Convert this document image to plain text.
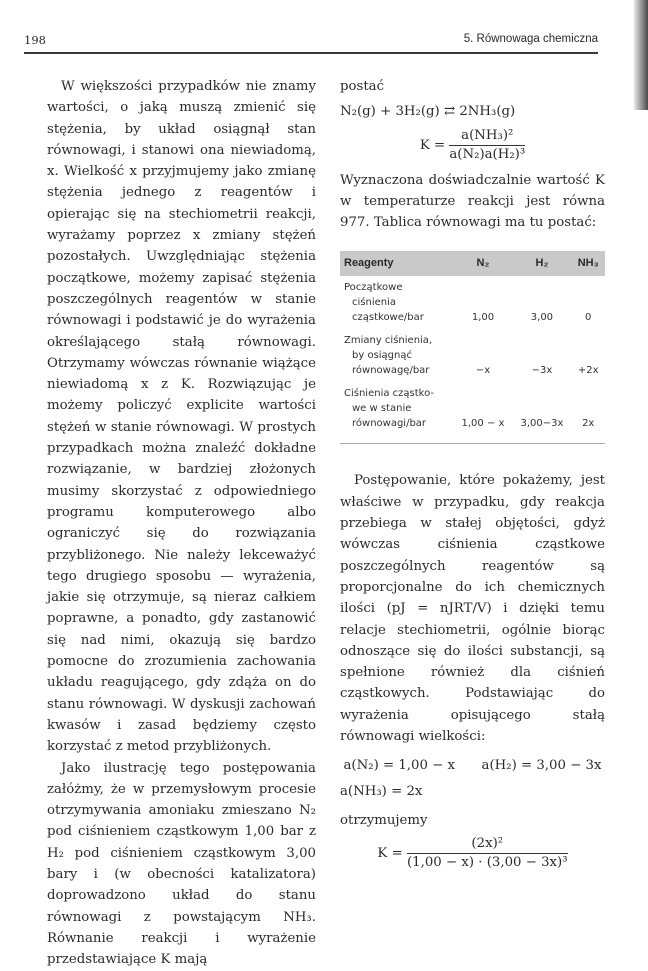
198	5. Równowaga chemiczna

W większości przypadków nie znamy wartości, o jaką muszą zmienić się stężenia, by układ osiągnął stan równowagi, i stanowi ona niewiadomą, x. Wielkość x przyjmujemy jako zmianę stężenia jednego z reagentów i opierając się na stechiometrii reakcji, wyrażamy poprzez x zmiany stężeń pozostałych. Uwzględniając stężenia początkowe, możemy zapisać stężenia poszczególnych reagentów w stanie równowagi i podstawić je do wyrażenia określającego stałą równowagi. Otrzymamy wówczas równanie wiążące niewiadomą x z K. Rozwiązując je możemy policzyć explicite wartości stężeń w stanie równowagi. W prostych przypadkach można znaleźć dokładne rozwiązanie, w bardziej złożonych musimy skorzystać z odpowiedniego programu komputerowego albo ograniczyć się do rozwiązania przybliżonego. Nie należy lekceważyć tego drugiego sposobu — wyrażenia, jakie się otrzymuje, są nieraz całkiem poprawne, a ponadto, gdy zastanowić się nad nimi, okazują się bardzo pomocne do zrozumienia zachowania układu reagującego, gdy zdąża on do stanu równowagi. W dyskusji zachowań kwasów i zasad będziemy często korzystać z metod przybliżonych.

Jako ilustrację tego postępowania załóżmy, że w przemysłowym procesie otrzymywania amoniaku zmieszano N₂ pod ciśnieniem cząstkowym 1,00 bar z H₂ pod ciśnieniem cząstkowym 3,00 bary i (w obecności katalizatora) doprowadzono układ do stanu równowagi z powstającym NH₃. Równanie reakcji i wyrażenie przedstawiające K mają

postać

N₂(g) + 3H₂(g) ⇄ 2NH₃(g)

$K = \frac{\text{a(NH₃)²}}{\text{a(N₂)a(H₂)³}}$

Wyznaczona doświadczalnie wartość K w temperaturze reakcji jest równa 977. Tablica równowagi ma tu postać:

Reagenty	N₂	H₂	NH₃

Początkowe
ciśnienia
cząstkowe/bar	1,00	3,00	0

Zmiany ciśnienia,
by osiągnąć
równowagę/bar	−x	−3x	+2x

Ciśnienia cząstko-
we w stanie
równowagi/bar	1,00 − x	3,00−3x	2x

Postępowanie, które pokażemy, jest właściwe w przypadku, gdy reakcja przebiega w stałej objętości, gdyż wówczas ciśnienia cząstkowe poszczególnych reagentów są proporcjonalne do ich chemicznych ilości (pJ = nJRT/V) i dzięki temu relacje stechiometrii, ogólnie biorąc odnoszące się do ilości substancji, są spełnione również dla ciśnień cząstkowych. Podstawiając do wyrażenia opisującego stałą równowagi wielkości:

a(N₂) = 1,00 − x a(H₂) = 3,00 − 3x

a(NH₃) = 2x

otrzymujemy

$K = \frac{\text{(2x)²}}{\text{(1,00 − x) · (3,00 − 3x)³}}$
